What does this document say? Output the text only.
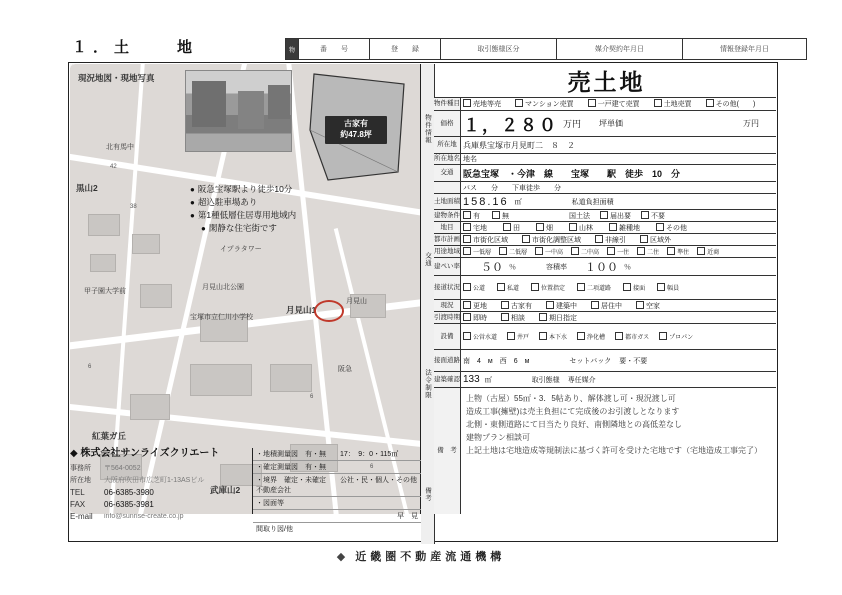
１．土　　地	物	番　　号	登　　録	取引態様区分	媒介契約年月日	情報登録年月日
現況地図・現地写真
黒山2
月見山1
紅葉ガ丘
武庫山2
北有馬中
甲子園大学前
月見山北公園
月見山
宝塚市立仁川小学校
イプラタワー
阪急
42
38
6
6
6
古家有
約47.8坪
● 阪急宝塚駅より徒歩10分
● 超込駐車場あり
● 第1種低層住居専用地域内
● 閑静な住宅街です
◆ 株式会社サンライズクリエート
事務所
所在地
〒564-0052
大阪府吹田市広芝町1-13ASビル
TEL	06-6385-3980
FAX	06-6385-3981
E-mail	info@sunrise-create.co.jp
・地積測量図　有・無　　17：　9：0・115㎡
・確定測量図　有・無
・境界　確定・未確定　　公社・民・個人・その他不動産会社
・図面等
早　見
間取り図/他
物件情報
交通
法令制限
備考
売土地
物件種目	売地等売	マンション売買	一戸建て売買	土地売買	その他(　　)
価格 １，２８０ 万円 坪単価	万円
所在地 兵庫県宝塚市月見町二　８　２
所在地名 地名
交通	阪急宝塚　・今津　線　　宝塚　　駅　徒歩　10　分
バス　　分　　下車徒歩　　分
土地面積 158.16 ㎡	私道負担面積
建物条件	有	無	国土法	届出要	不要
地目	宅地	田	畑	山林	雑種地	その他
都市計画	市街化区域	市街化調整区域	非線引	区域外
用途地域	一低層	二低層	一中高	二中高	一住	二住	準住	近商
建ぺい率 ５０ ％	容積率 １００ ％
接道状況	公道	私道	位置指定	二項道路	接面	幅員
現況	更地	古家有	建築中	居住中	空家
引渡時期	即時	相談	期日指定
設備	公営水道	井戸	本下水	浄化槽	都市ガス	プロパン
接面道路 南　4　м　西　6　м	セットバック 要・不要
建築確認 133 ㎡	取引態様 専任媒介
備　考
上物（古屋）55㎡・3．5帖あり、解体渡し可・現況渡し可
造成工事(擁壁)は売主負担にて完成後のお引渡しとなります
北側・東側道路にて日当たり良好、南側隣地との高低差なし
建物プラン相談可
上記土地は宅地造成等規制法に基づく許可を受けた宅地です（宅地造成工事完了）
◆ 近畿圏不動産流通機構
